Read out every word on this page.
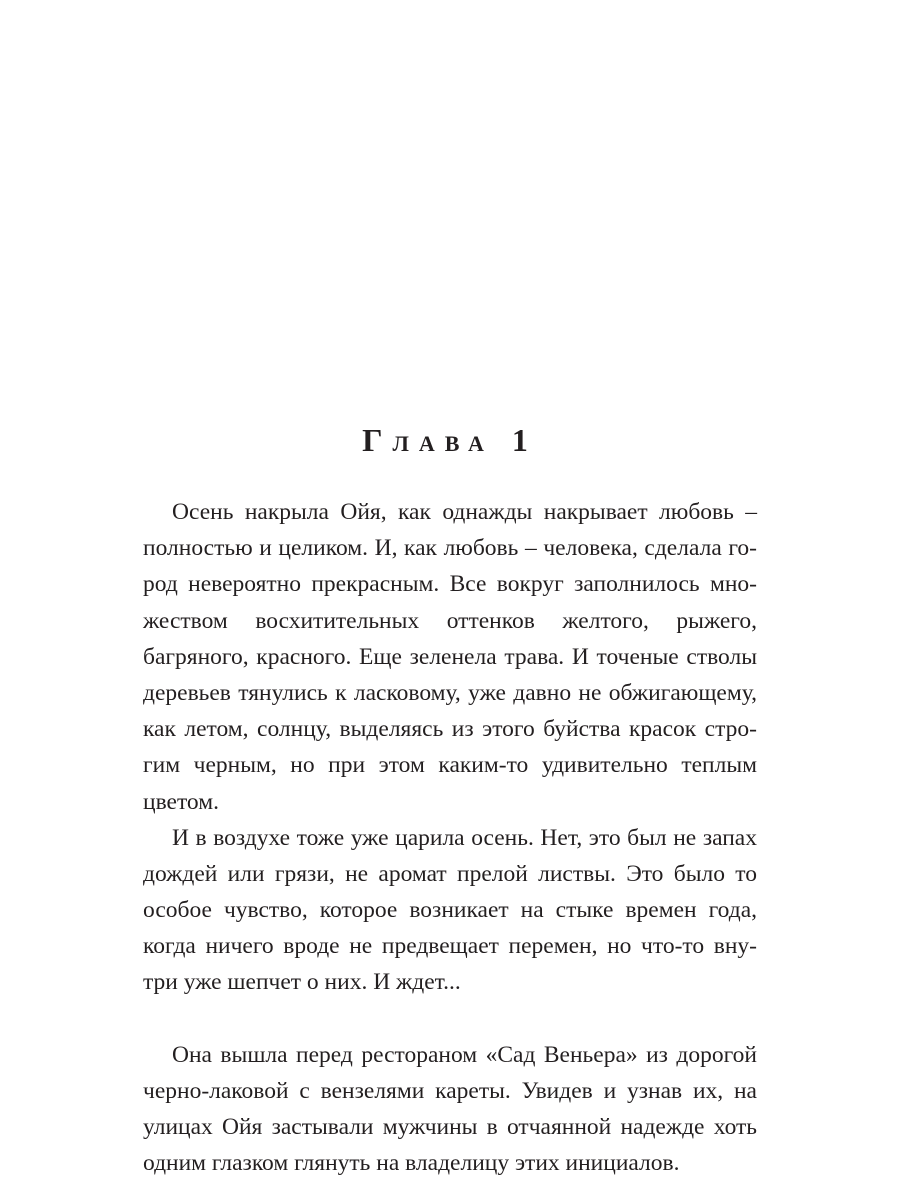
Глава 1
Осень накрыла Ойя, как однажды накрывает любовь –
полностью и целиком. И, как любовь – человека, сделала го-
род невероятно прекрасным. Все вокруг заполнилось мно-
жеством восхитительных оттенков желтого, рыжего,
багряного, красного. Еще зеленела трава. И точеные стволы
деревьев тянулись к ласковому, уже давно не обжигающему,
как летом, солнцу, выделяясь из этого буйства красок стро-
гим черным, но при этом каким-то удивительно теплым
цветом.
И в воздухе тоже уже царила осень. Нет, это был не запах
дождей или грязи, не аромат прелой листвы. Это было то
особое чувство, которое возникает на стыке времен года,
когда ничего вроде не предвещает перемен, но что-то вну-
три уже шепчет о них. И ждет...
Она вышла перед рестораном «Сад Веньера» из дорогой
черно-лаковой с вензелями кареты. Увидев и узнав их, на
улицах Ойя застывали мужчины в отчаянной надежде хоть
одним глазком глянуть на владелицу этих инициалов.
